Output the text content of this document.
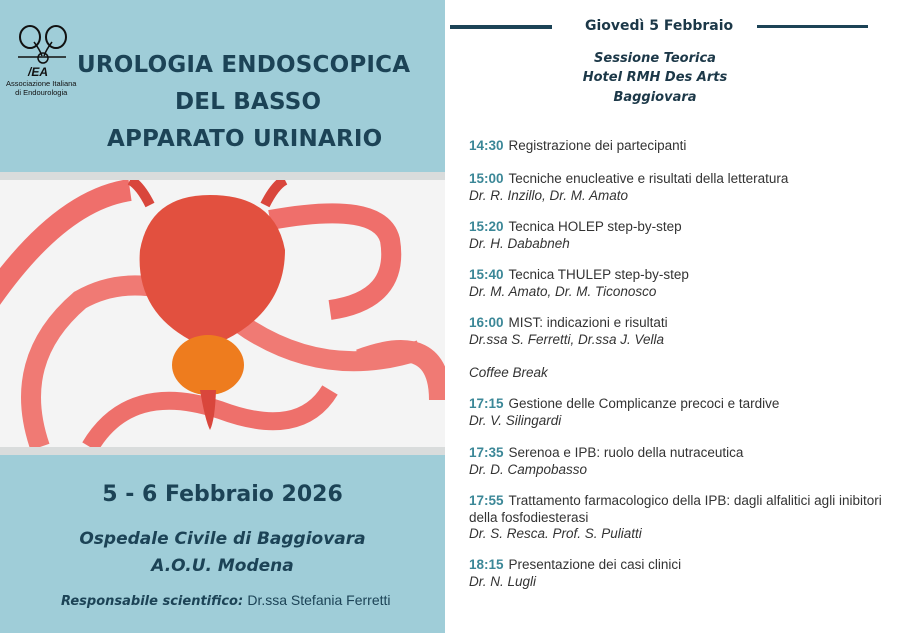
/EA
Associazione Italiana
di Endourologia
UROLOGIA ENDOSCOPICA
DEL BASSO
APPARATO URINARIO
5 - 6 Febbraio 2026
Ospedale Civile di Baggiovara
A.O.U. Modena
Responsabile scientifico: Dr.ssa Stefania Ferretti
Giovedì 5 Febbraio
Sessione Teorica
Hotel RMH Des Arts
Baggiovara
14:30 Registrazione dei partecipanti
15:00 Tecniche enucleative e risultati della letteratura
Dr. R. Inzillo, Dr. M. Amato
15:20 Tecnica HOLEP step-by-step
Dr. H. Dababneh
15:40 Tecnica THULEP step-by-step
Dr. M. Amato, Dr. M. Ticonosco
16:00 MIST: indicazioni e risultati
Dr.ssa S. Ferretti, Dr.ssa J. Vella
Coffee Break
17:15 Gestione delle Complicanze precoci e tardive
Dr. V. Silingardi
17:35 Serenoa e IPB: ruolo della nutraceutica
Dr. D. Campobasso
17:55 Trattamento farmacologico della IPB: dagli alfalitici agli inibitori della fosfodiesterasi
Dr. S. Resca. Prof. S. Puliatti
18:15 Presentazione dei casi clinici
Dr. N. Lugli
